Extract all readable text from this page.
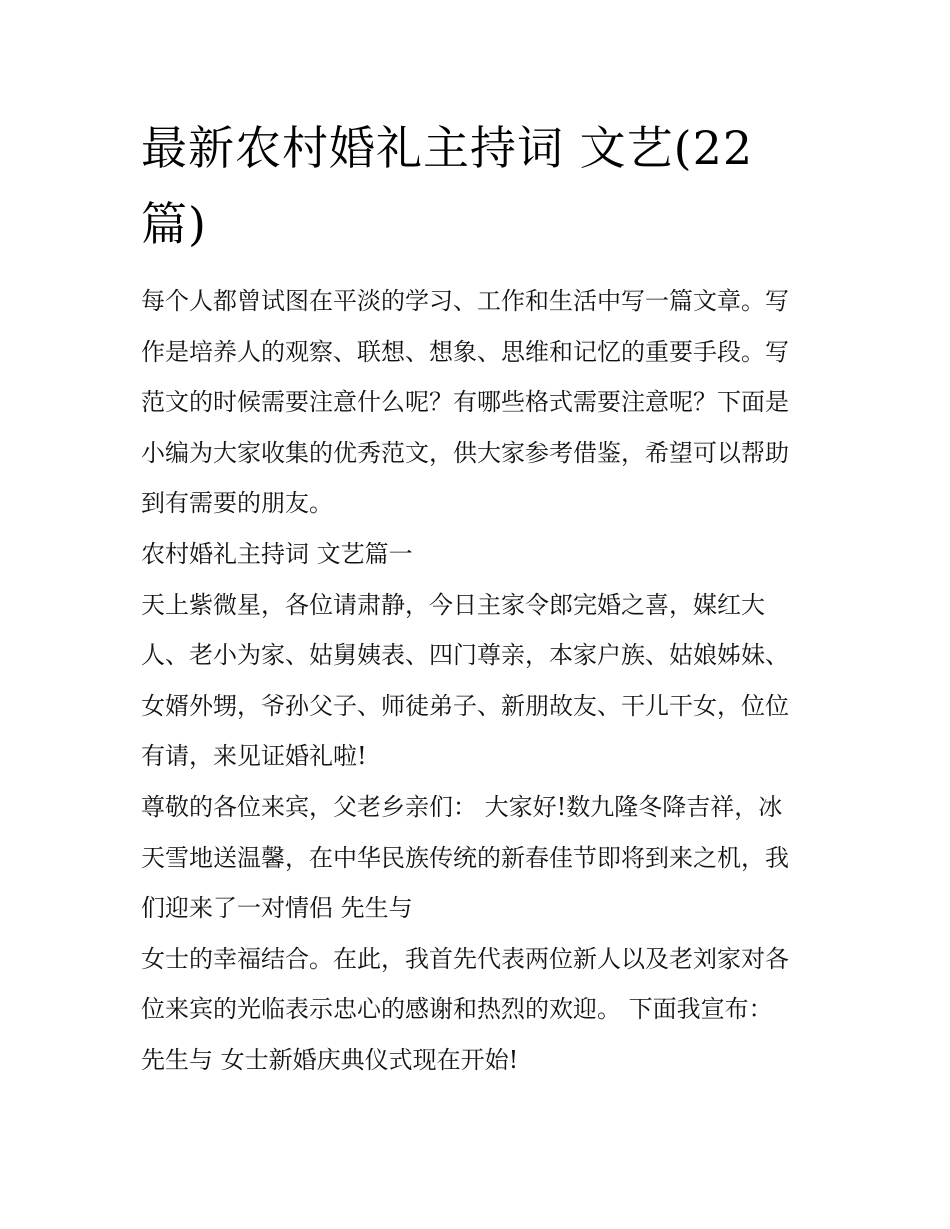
最新农村婚礼主持词 文艺(22
篇)

每个人都曾试图在平淡的学习、工作和生活中写一篇文章。写
作是培养人的观察、联想、想象、思维和记忆的重要手段。写
范文的时候需要注意什么呢？有哪些格式需要注意呢？下面是
小编为大家收集的优秀范文，供大家参考借鉴，希望可以帮助
到有需要的朋友。

农村婚礼主持词 文艺篇一

天上紫微星，各位请肃静，今日主家令郎完婚之喜，媒红大
人、老小为家、姑舅姨表、四门尊亲，本家户族、姑娘姊妹、
女婿外甥，爷孙父子、师徒弟子、新朋故友、干儿干女，位位
有请，来见证婚礼啦!

尊敬的各位来宾，父老乡亲们： 大家好!数九隆冬降吉祥，冰
天雪地送温馨，在中华民族传统的新春佳节即将到来之机，我
们迎来了一对情侣 先生与

女士的幸福结合。在此，我首先代表两位新人以及老刘家对各
位来宾的光临表示忠心的感谢和热烈的欢迎。 下面我宣布：
先生与 女士新婚庆典仪式现在开始!
